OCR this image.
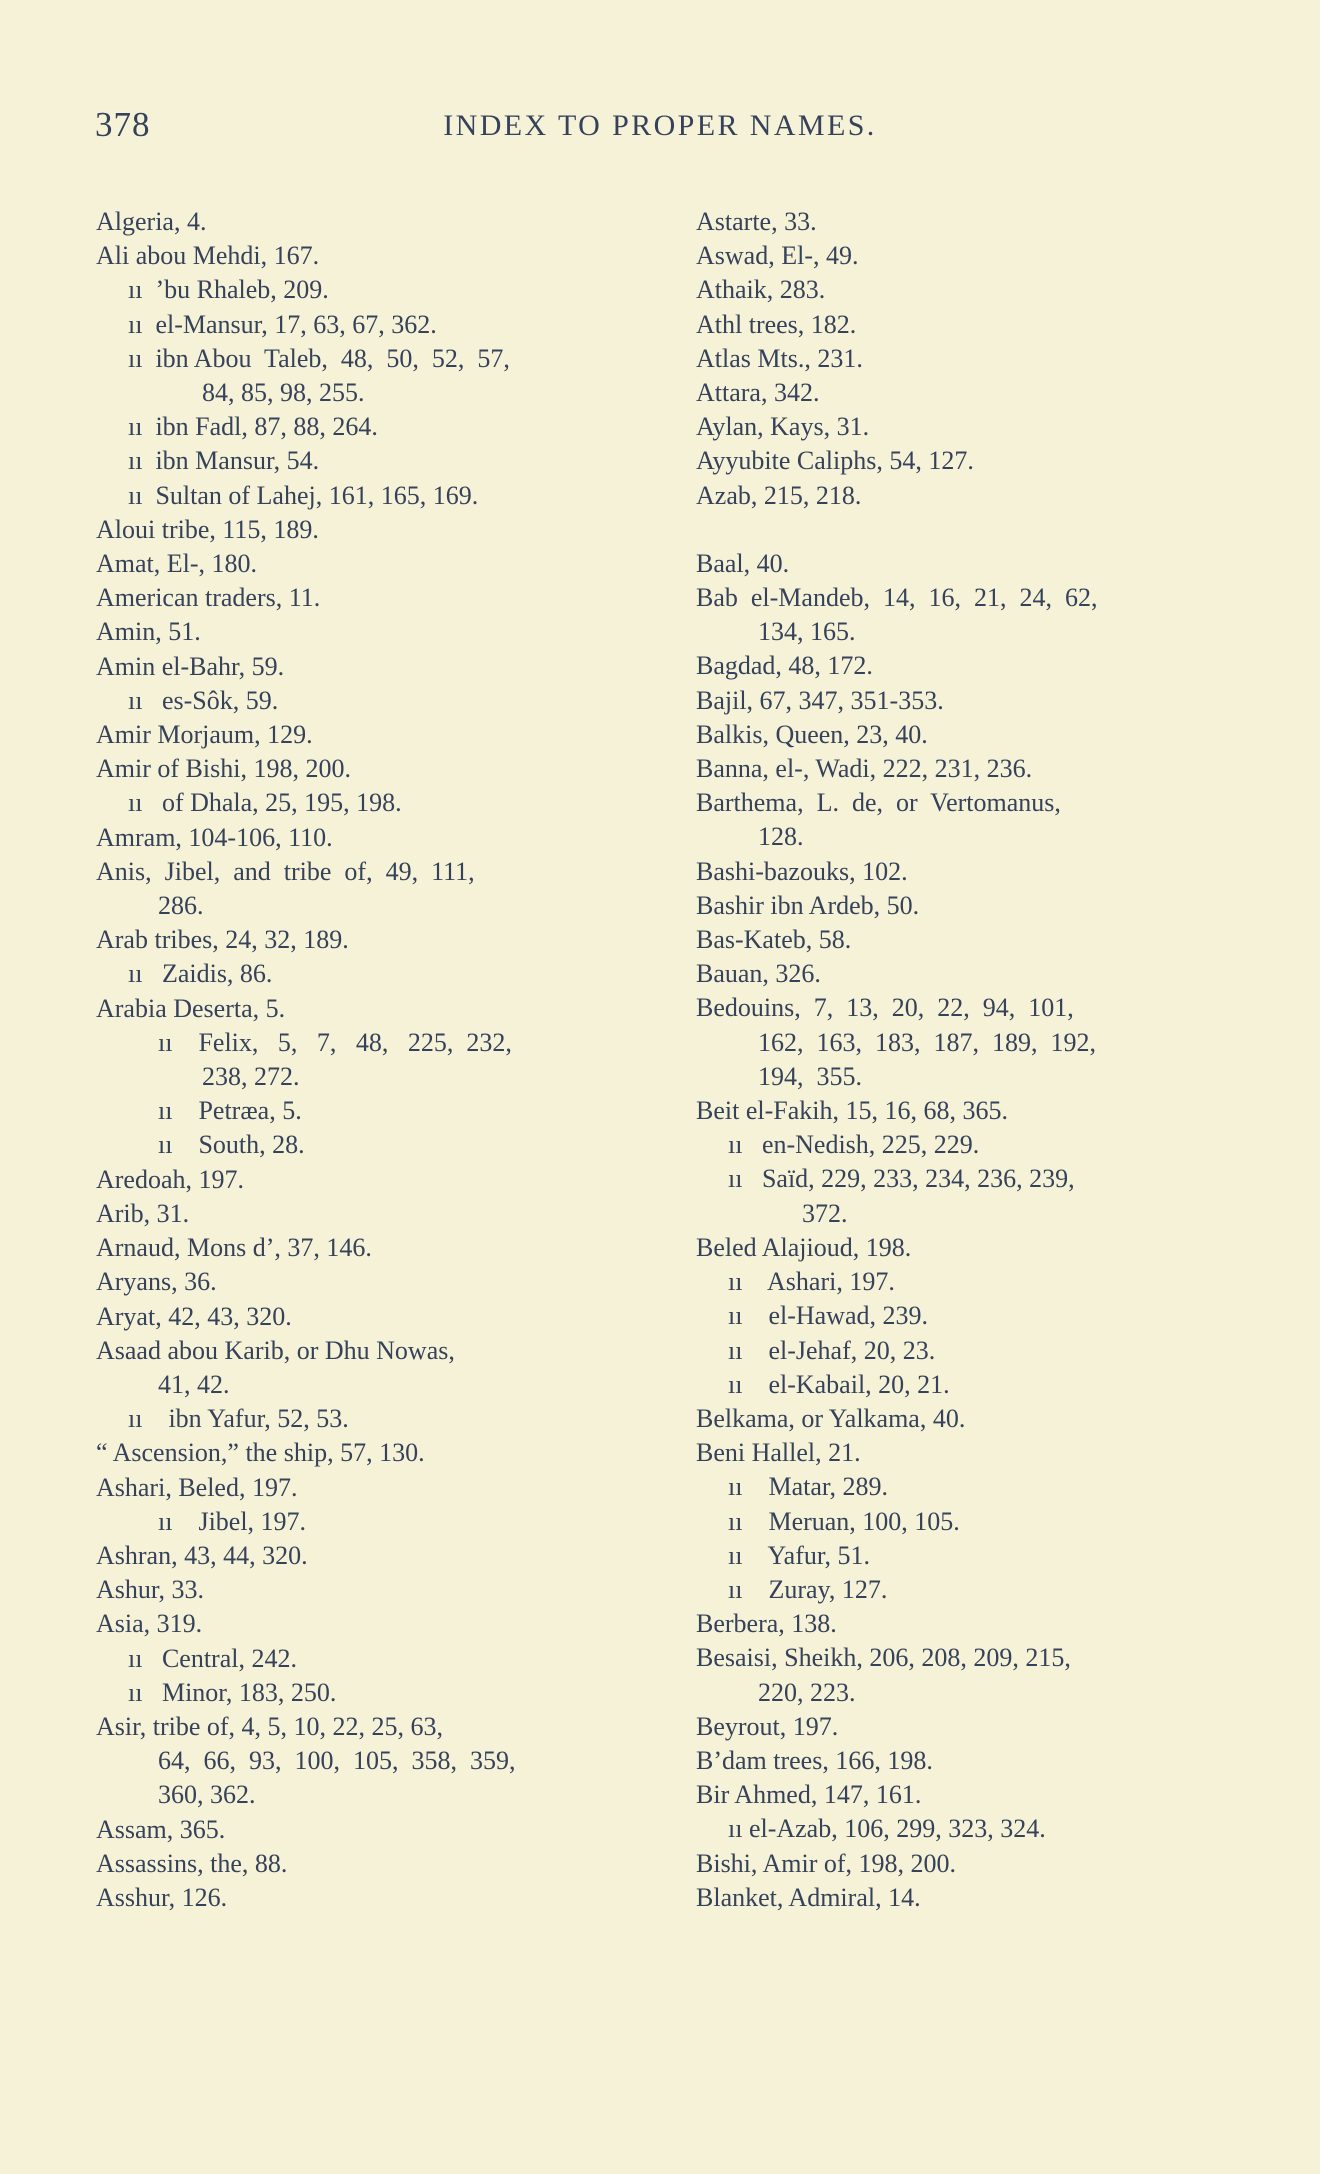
378	INDEX TO PROPER NAMES.
Algeria, 4.
Ali abou Mehdi, 167.
ıı  ’bu Rhaleb, 209.
ıı  el-Mansur, 17, 63, 67, 362.
ıı  ibn Abou  Taleb,  48,  50,  52,  57,
84, 85, 98, 255.
ıı  ibn Fadl, 87, 88, 264.
ıı  ibn Mansur, 54.
ıı  Sultan of Lahej, 161, 165, 169.
Aloui tribe, 115, 189.
Amat, El-, 180.
American traders, 11.
Amin, 51.
Amin el-Bahr, 59.
ıı   es-Sôk, 59.
Amir Morjaum, 129.
Amir of Bishi, 198, 200.
ıı   of Dhala, 25, 195, 198.
Amram, 104-106, 110.
Anis,  Jibel,  and  tribe  of,  49,  111,
286.
Arab tribes, 24, 32, 189.
ıı   Zaidis, 86.
Arabia Deserta, 5.
ıı    Felix,   5,   7,   48,   225,  232,
238, 272.
ıı    Petræa, 5.
ıı    South, 28.
Aredoah, 197.
Arib, 31.
Arnaud, Mons d’, 37, 146.
Aryans, 36.
Aryat, 42, 43, 320.
Asaad abou Karib, or Dhu Nowas,
41, 42.
ıı    ibn Yafur, 52, 53.
“ Ascension,” the ship, 57, 130.
Ashari, Beled, 197.
ıı    Jibel, 197.
Ashran, 43, 44, 320.
Ashur, 33.
Asia, 319.
ıı   Central, 242.
ıı   Minor, 183, 250.
Asir, tribe of, 4, 5, 10, 22, 25, 63,
64,  66,  93,  100,  105,  358,  359,
360, 362.
Assam, 365.
Assassins, the, 88.
Asshur, 126.
Astarte, 33.
Aswad, El-, 49.
Athaik, 283.
Athl trees, 182.
Atlas Mts., 231.
Attara, 342.
Aylan, Kays, 31.
Ayyubite Caliphs, 54, 127.
Azab, 215, 218.
Baal, 40.
Bab  el-Mandeb,  14,  16,  21,  24,  62,
134, 165.
Bagdad, 48, 172.
Bajil, 67, 347, 351-353.
Balkis, Queen, 23, 40.
Banna, el-, Wadi, 222, 231, 236.
Barthema,  L.  de,  or  Vertomanus,
128.
Bashi-bazouks, 102.
Bashir ibn Ardeb, 50.
Bas-Kateb, 58.
Bauan, 326.
Bedouins,  7,  13,  20,  22,  94,  101,
162,  163,  183,  187,  189,  192,
194,  355.
Beit el-Fakih, 15, 16, 68, 365.
ıı   en-Nedish, 225, 229.
ıı   Saïd, 229, 233, 234, 236, 239,
372.
Beled Alajioud, 198.
ıı    Ashari, 197.
ıı    el-Hawad, 239.
ıı    el-Jehaf, 20, 23.
ıı    el-Kabail, 20, 21.
Belkama, or Yalkama, 40.
Beni Hallel, 21.
ıı    Matar, 289.
ıı    Meruan, 100, 105.
ıı    Yafur, 51.
ıı    Zuray, 127.
Berbera, 138.
Besaisi, Sheikh, 206, 208, 209, 215,
220, 223.
Beyrout, 197.
B’dam trees, 166, 198.
Bir Ahmed, 147, 161.
ıı el-Azab, 106, 299, 323, 324.
Bishi, Amir of, 198, 200.
Blanket, Admiral, 14.
